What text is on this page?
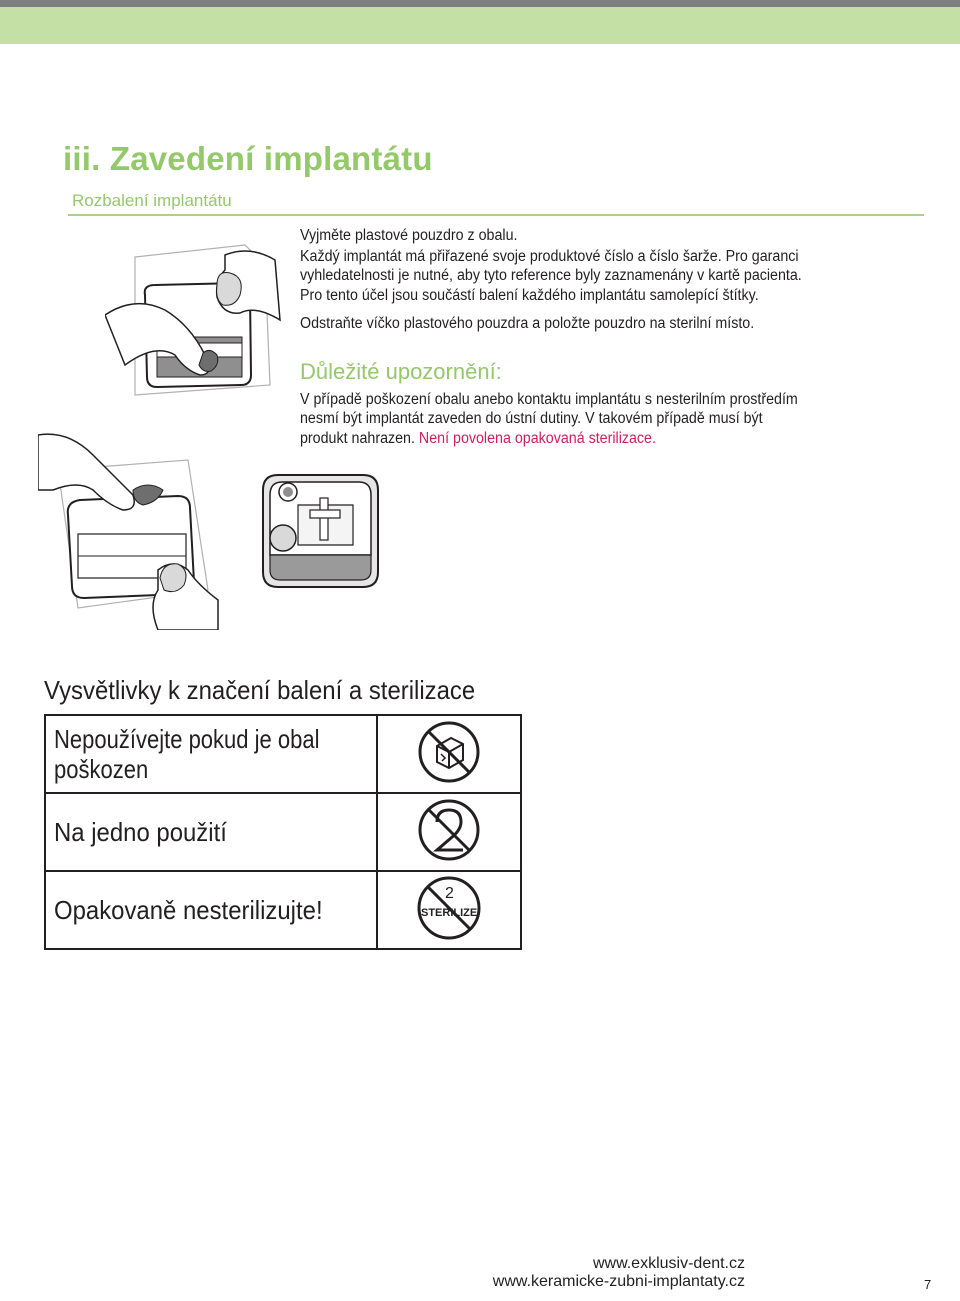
iii. Zavedení implantátu
Rozbalení implantátu
Vyjměte plastové pouzdro z obalu.
Každý implantát má přiřazené svoje produktové číslo a číslo šarže. Pro garanci
vyhledatelnosti je nutné, aby tyto reference byly zaznamenány v kartě pacienta.
Pro tento účel jsou součástí balení každého implantátu samolepící štítky.
Odstraňte víčko plastového pouzdra a položte pouzdro na sterilní místo.
Důležité upozornění:
V případě poškození obalu anebo kontaktu implantátu s nesterilním prostředím
nesmí být implantát zaveden do ústní dutiny. V takovém případě musí být
produkt nahrazen. Není povolena opakovaná sterilizace.
Vysvětlivky k značení balení a sterilizace
Nepoužívejte pokud je obal
poškozen	
Na jedno použití	
Opakovaně nesterilizujte!	2
STERILIZE
www.exklusiv-dent.cz
www.keramicke-zubni-implantaty.cz	7
